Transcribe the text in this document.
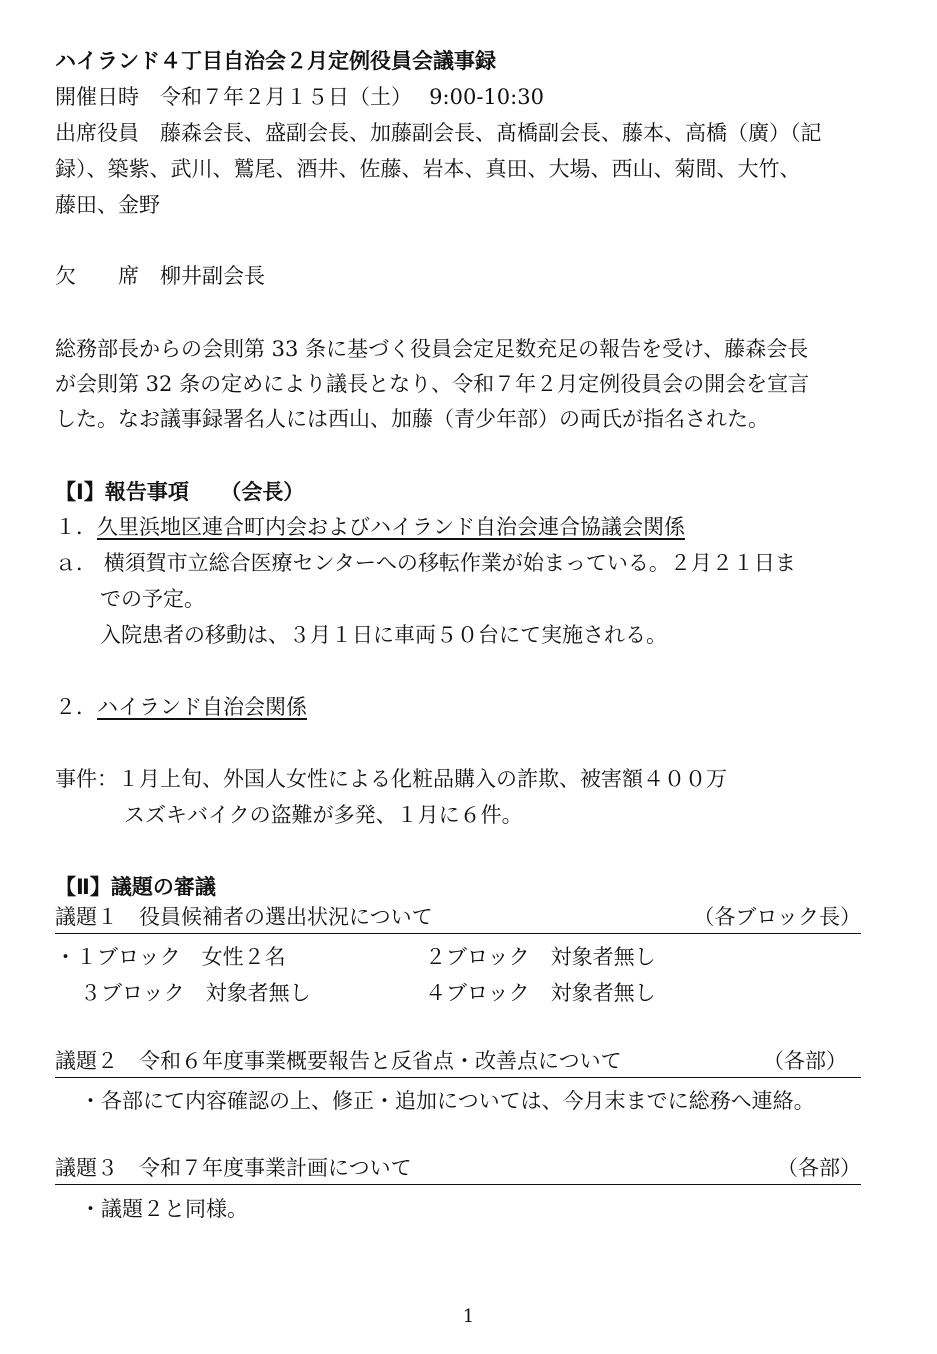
ハイランド４丁目自治会２月定例役員会議事録
開催日時　令和７年２月１５日（土）　 9:00-10:30
出席役員　藤森会長、盛副会長、加藤副会長、髙橋副会長、藤本、高橋（廣）（記
録）、築紫、武川、鷲尾、酒井、佐藤、岩本、真田、大場、西山、菊間、大竹、
藤田、金野
欠　　席　柳井副会長
総務部長からの会則第 33 条に基づく役員会定足数充足の報告を受け、藤森会長
が会則第 32 条の定めにより議長となり、令和７年２月定例役員会の開会を宣言
した。なお議事録署名人には西山、加藤（青少年部）の両氏が指名された。
【Ⅰ】報告事項　　（会長）
１．久里浜地区連合町内会およびハイランド自治会連合協議会関係
ａ． 横須賀市立総合医療センターへの移転作業が始まっている。２月２１日ま
での予定。
入院患者の移動は、３月１日に車両５０台にて実施される。
２．ハイランド自治会関係
事件：１月上旬、外国人女性による化粧品購入の詐欺、被害額４００万
スズキバイクの盗難が多発、１月に６件。
【Ⅱ】議題の審議
議題１　役員候補者の選出状況について	（各ブロック長）
・１ブロック　女性２名	２ブロック　対象者無し
３ブロック　対象者無し	４ブロック　対象者無し
議題２　令和６年度事業概要報告と反省点・改善点について	（各部）
・各部にて内容確認の上、修正・追加については、今月末までに総務へ連絡。
議題３　令和７年度事業計画について	（各部）
・議題２と同様。
1
